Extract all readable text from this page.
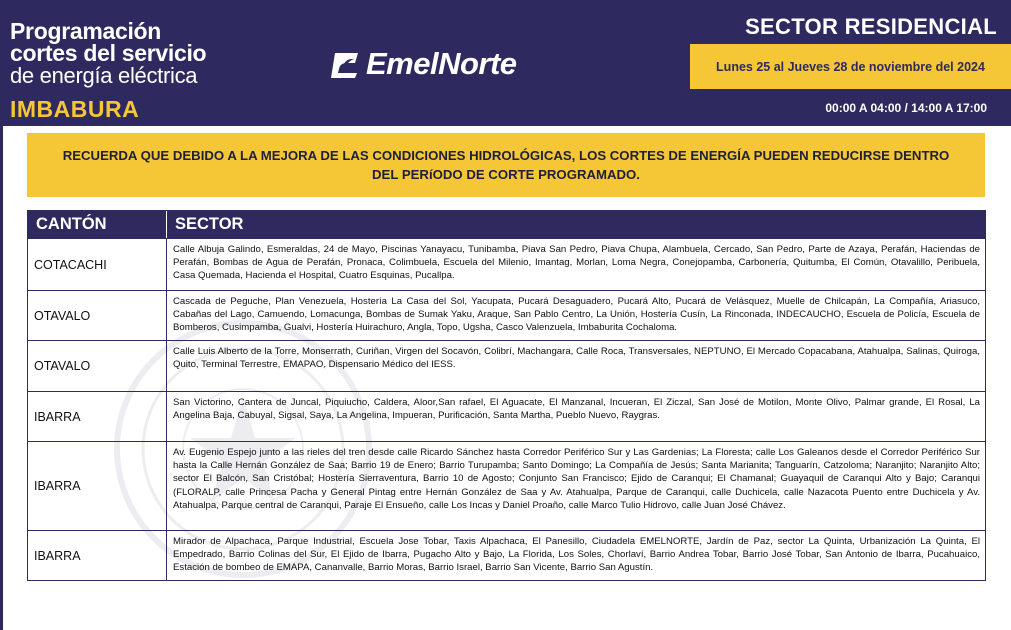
Programación
cortes del servicio
de energía eléctrica
IMBABURA
EmelNorte
SECTOR RESIDENCIAL
Lunes 25 al Jueves 28 de noviembre del 2024
00:00 A 04:00 / 14:00 A 17:00
RECUERDA QUE DEBIDO A LA MEJORA DE LAS CONDICIONES HIDROLÓGICAS, LOS CORTES DE ENERGÍA PUEDEN REDUCIRSE DENTRO DEL PERíODO DE CORTE PROGRAMADO.
CANTÓN	SECTOR
COTACACHI
Calle Albuja Galindo, Esmeraldas, 24 de Mayo, Piscinas Yanayacu, Tunibamba, Piava San Pedro, Piava Chupa, Alambuela, Cercado, San Pedro, Parte de Azaya, Perafán, Haciendas de Perafán, Bombas de Agua de Perafán, Pronaca, Colimbuela, Escuela del Milenio, Imantag, Morlan, Loma Negra, Conejopamba, Carbonería, Quitumba, El Común, Otavalillo, Peribuela, Casa Quemada, Hacienda el Hospital, Cuatro Esquinas, Pucallpa.
OTAVALO
Cascada de Peguche, Plan Venezuela, Hostería La Casa del Sol, Yacupata, Pucará Desaguadero, Pucará Alto, Pucará de Velásquez, Muelle de Chilcapán, La Compañía, Ariasuco, Cabañas del Lago, Camuendo, Lomacunga, Bombas de Sumak Yaku, Araque, San Pablo Centro, La Unión, Hostería Cusín, La Rinconada, INDECAUCHO, Escuela de Policía, Escuela de Bomberos, Cusimpamba, Gualvi, Hostería Huirachuro, Angla, Topo, Ugsha, Casco Valenzuela, Imbaburita Cochaloma.
OTAVALO
Calle Luis Alberto de la Torre, Monserrath, Curiñan, Virgen del Socavón, Colibrí, Machangara, Calle Roca, Transversales, NEPTUNO, El Mercado Copacabana, Atahualpa, Salinas, Quiroga, Quito, Terminal Terrestre, EMAPAO, Dispensario Médico del IESS.
IBARRA
San Victorino, Cantera de Juncal, Piquiucho, Caldera, Aloor,San rafael, El Aguacate, El Manzanal, Incueran, El Ziczal, San José de Motilon, Monte Olivo, Palmar grande, El Rosal, La Angelina Baja, Cabuyal, Sigsal, Saya, La Angelina, Impueran, Purificación, Santa Martha, Pueblo Nuevo, Raygras.
IBARRA
Av. Eugenio Espejo junto a las rieles del tren desde calle Ricardo Sánchez hasta Corredor Periférico Sur y Las Gardenias; La Floresta; calle Los Galeanos desde el Corredor Periférico Sur hasta la Calle Hernán González de Saa; Barrio 19 de Enero; Barrio Turupamba; Santo Domingo; La Compañía de Jesús; Santa Marianita; Tanguarín, Catzoloma; Naranjito; Naranjito Alto; sector El Balcón, San Cristóbal; Hostería Sierraventura, Barrio 10 de Agosto; Conjunto San Francisco; Ejido de Caranqui; El Chamanal; Guayaquil de Caranqui Alto y Bajo; Caranqui (FLORALP, calle Princesa Pacha y General Pintag entre Hernán González de Saa y Av. Atahualpa, Parque de Caranqui, calle Duchicela, calle Nazacota Puento entre Duchicela y Av. Atahualpa, Parque central de Caranqui, Paraje El Ensueño, calle Los Incas y Daniel Proaño, calle Marco Tulio Hidrovo, calle Juan José Chávez.
IBARRA
Mirador de Alpachaca, Parque Industrial, Escuela Jose Tobar, Taxis Alpachaca, El Panesillo, Ciudadela EMELNORTE, Jardín de Paz, sector La Quinta, Urbanización La Quinta, El Empedrado, Barrio Colinas del Sur, El Ejido de Ibarra, Pugacho Alto y Bajo, La Florida, Los Soles, Chorlaví, Barrio Andrea Tobar, Barrio José Tobar, San Antonio de Ibarra, Pucahuaico, Estación de bombeo de EMAPA, Cananvalle, Barrio Moras, Barrio Israel, Barrio San Vicente, Barrio San Agustín.
